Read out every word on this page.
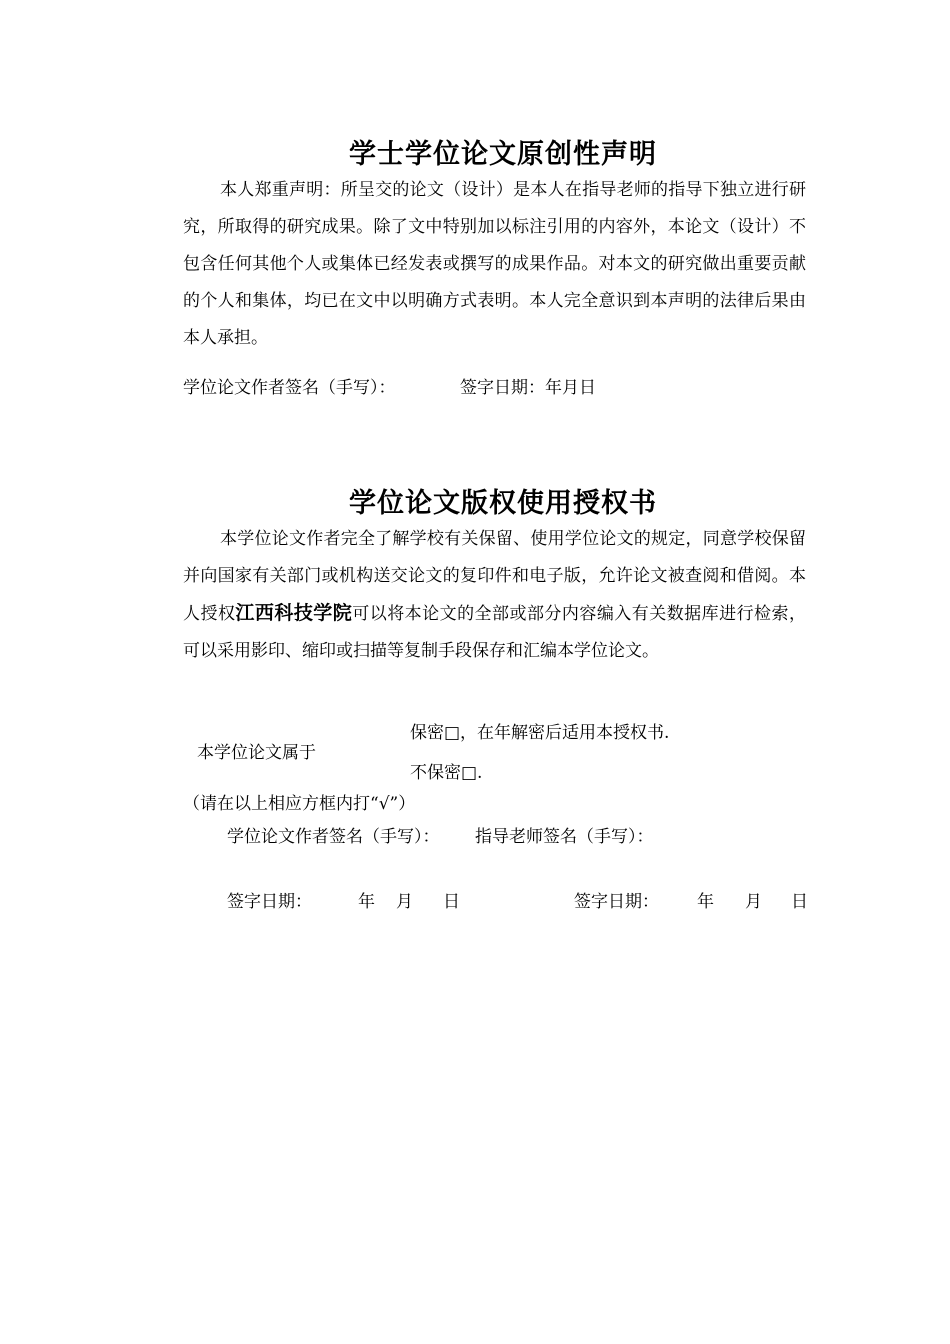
学士学位论文原创性声明

本人郑重声明：所呈交的论文（设计）是本人在指导老师的指导下独立进行研究，所取得的研究成果。除了文中特别加以标注引用的内容外，本论文（设计）不包含任何其他个人或集体已经发表或撰写的成果作品。对本文的研究做出重要贡献的个人和集体，均已在文中以明确方式表明。本人完全意识到本声明的法律后果由本人承担。

学位论文作者签名（手写）：	签字日期：年月日
学位论文版权使用授权书

本学位论文作者完全了解学校有关保留、使用学位论文的规定，同意学校保留并向国家有关部门或机构送交论文的复印件和电子版，允许论文被查阅和借阅。本人授权江西科技学院可以将本论文的全部或部分内容编入有关数据库进行检索，可以采用影印、缩印或扫描等复制手段保存和汇编本学位论文。

本学位论文属于
保密□，在年解密后适用本授权书.
不保密□.
（请在以上相应方框内打“√”）
学位论文作者签名（手写）： 指导老师签名（手写）：
签字日期：	年 月 日	签字日期： 年 月 日
